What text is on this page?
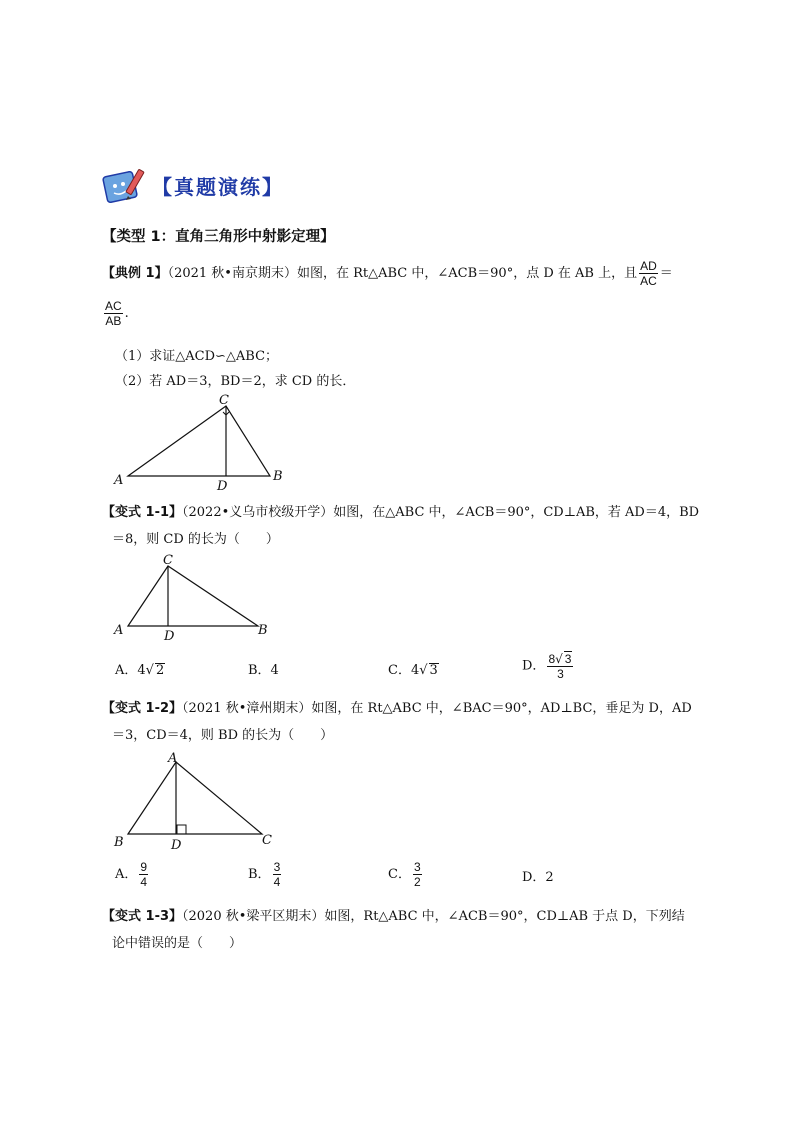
【真题演练】
【类型 1：直角三角形中射影定理】
【典例 1】（2021 秋•南京期末）如图，在 Rt△ABC 中，∠ACB＝90°，点 D 在 AB 上，且 $\frac{AD}{AC}$ ＝
$\frac{AC}{AB}$ .
（1）求证△ACD∽△ABC；
（2）若 AD＝3，BD＝2，求 CD 的长．
A	B
C
D
【变式 1-1】（2022•义乌市校级开学）如图，在△ABC 中，∠ACB＝90°，CD⊥AB，若 AD＝4，BD
＝8，则 CD 的长为（　　）
A	B
C
D
A．4√ 2	B．4	C．4√ 3	D． $\frac{8√ 3}{3}$
【变式 1-2】（2021 秋•漳州期末）如图，在 Rt△ABC 中，∠BAC＝90°，AD⊥BC，垂足为 D，AD
＝3，CD＝4，则 BD 的长为（　　）
B	C
A
D
A． $\frac{9}{4}$	B． $\frac{3}{4}$	C． $\frac{3}{2}$	D．2
【变式 1-3】（2020 秋•梁平区期末）如图，Rt△ABC 中，∠ACB＝90°，CD⊥AB 于点 D，下列结
论中错误的是（　　）
